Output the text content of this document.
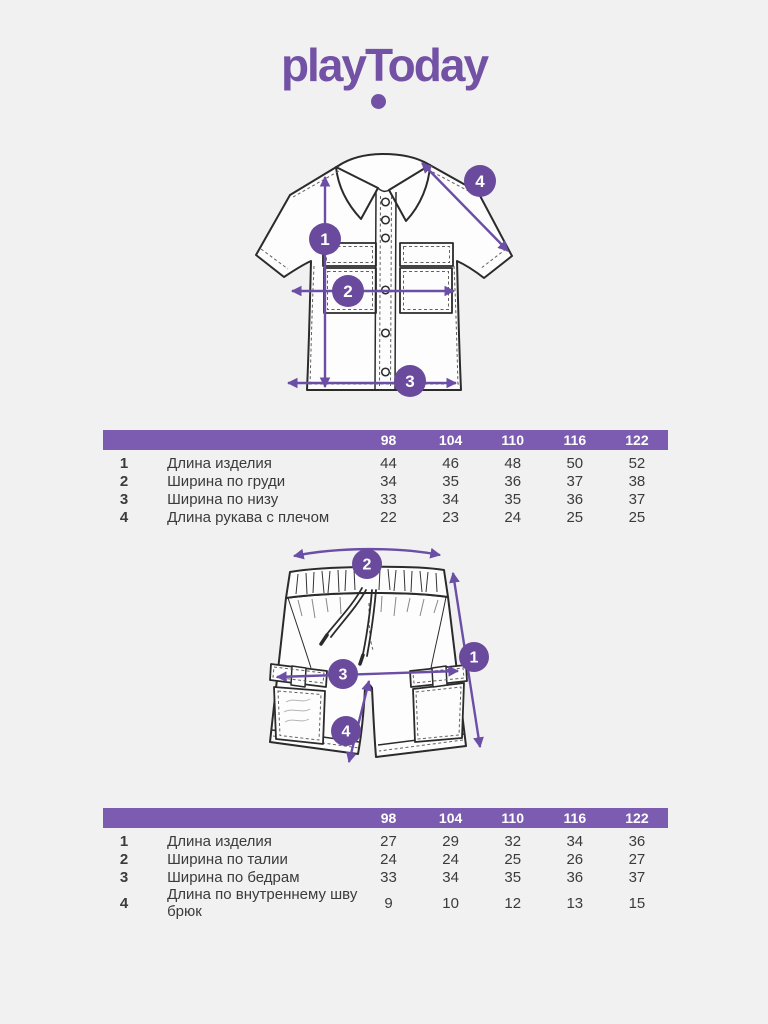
playToday
1
2
3
4
		98	104	110	116	122
1	Длина изделия	44	46	48	50	52
2	Ширина по груди	34	35	36	37	38
3	Ширина по низу	33	34	35	36	37
4	Длина рукава с плечом	22	23	24	25	25
2
1
3
4
		98	104	110	116	122
1	Длина изделия	27	29	32	34	36
2	Ширина по талии	24	24	25	26	27
3	Ширина по бедрам	33	34	35	36	37
4	Длина по внутреннему шву брюк	9	10	12	13	15
